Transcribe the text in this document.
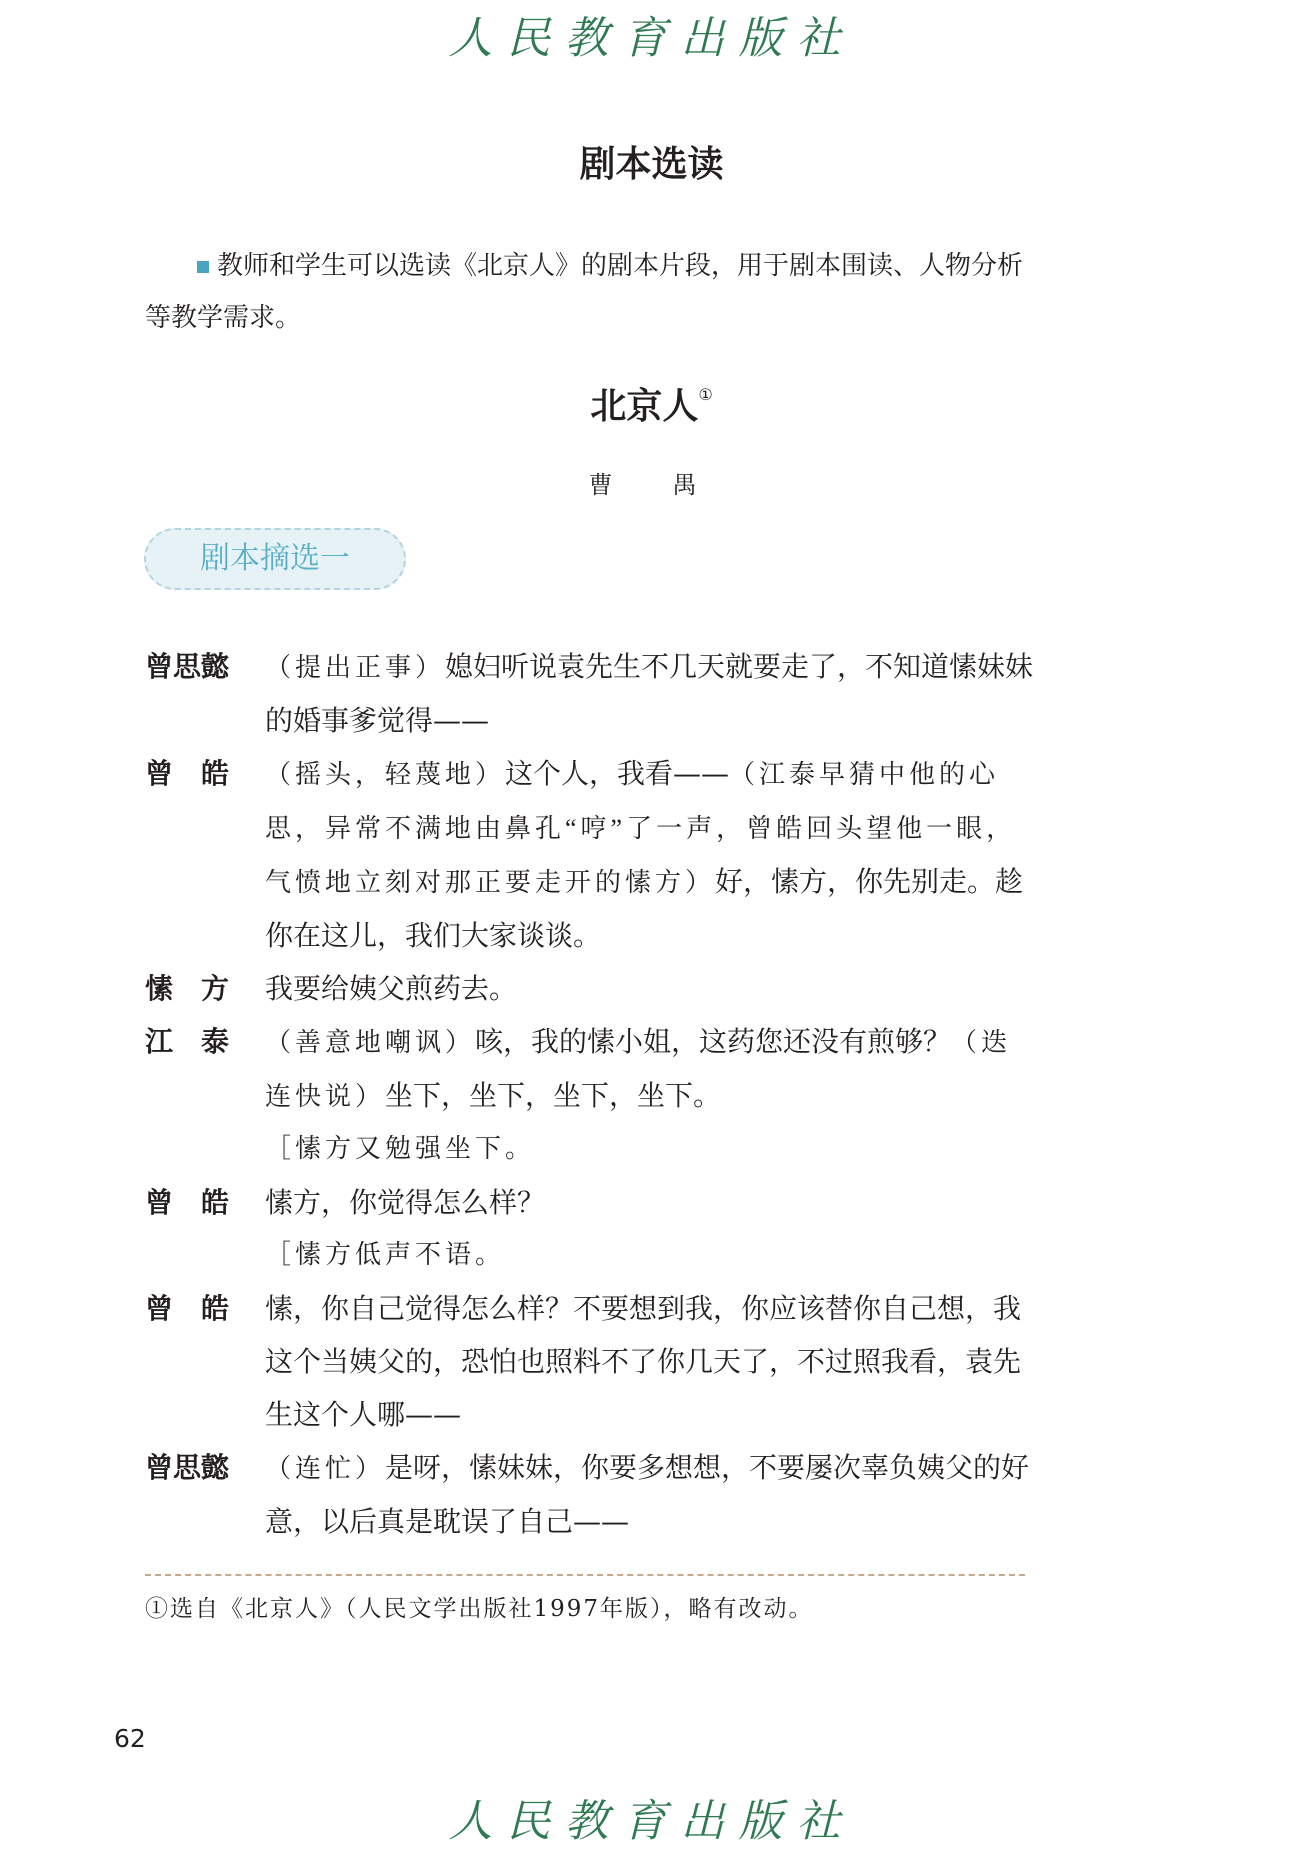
人民教育出版社
剧本选读
教师和学生可以选读《北京人》的剧本片段，用于剧本围读、人物分析等教学需求。
北京人①
曹　禺
剧本摘选一
曾思懿	（提出正事）媳妇听说袁先生不几天就要走了，不知道愫妹妹的婚事爹觉得——
曾　皓	（摇头，轻蔑地）这个人，我看——（江泰早猜中他的心思，异常不满地由鼻孔“哼”了一声，曾皓回头望他一眼，气愤地立刻对那正要走开的愫方）好，愫方，你先别走。趁你在这儿，我们大家谈谈。
愫　方	我要给姨父煎药去。
江　泰	（善意地嘲讽）咳，我的愫小姐，这药您还没有煎够？（迭连快说）坐下，坐下，坐下，坐下。
［愫方又勉强坐下。
曾　皓	愫方，你觉得怎么样？
［愫方低声不语。
曾　皓	愫，你自己觉得怎么样？不要想到我，你应该替你自己想，我这个当姨父的，恐怕也照料不了你几天了，不过照我看，袁先生这个人哪——
曾思懿	（连忙）是呀，愫妹妹，你要多想想，不要屡次辜负姨父的好意，以后真是耽误了自己——
①选自《北京人》（人民文学出版社1997年版），略有改动。
62
人民教育出版社
